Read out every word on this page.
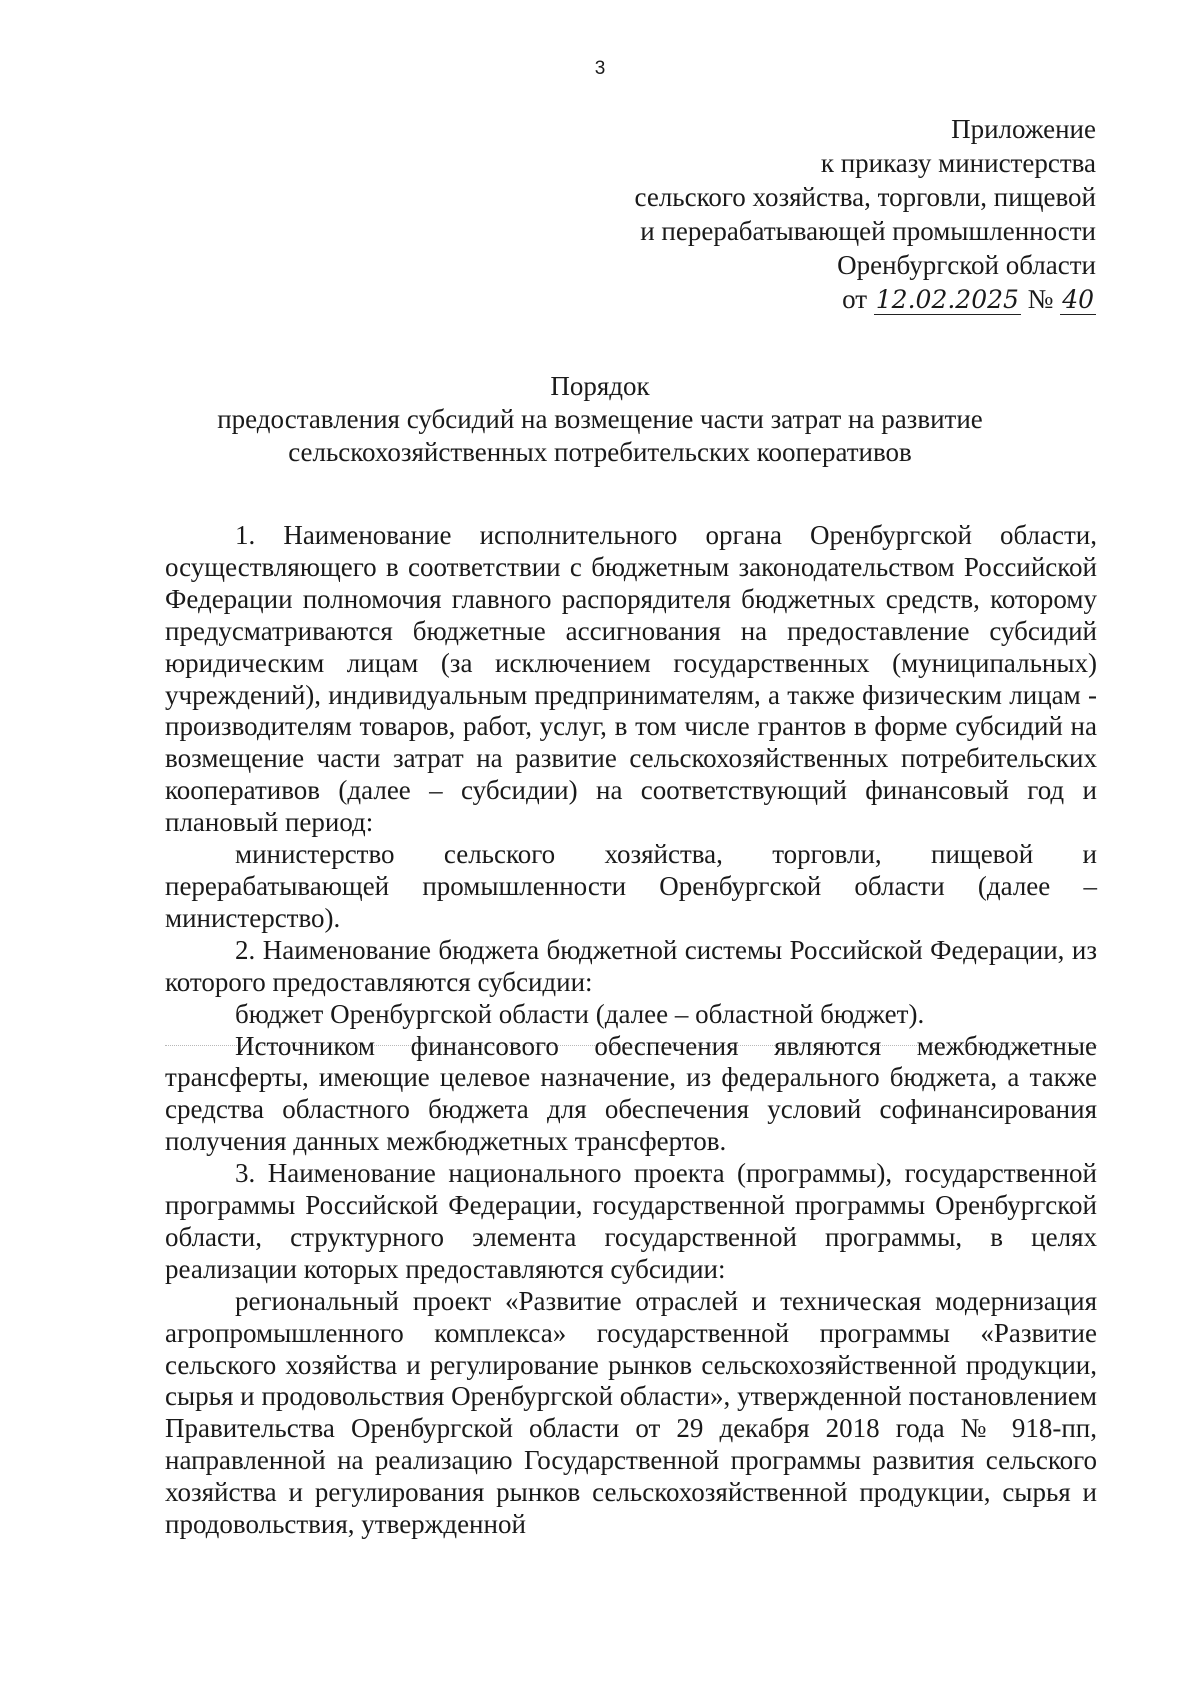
3
Приложение
к приказу министерства
сельского хозяйства, торговли, пищевой
и перерабатывающей промышленности
Оренбургской области
от 12.02.2025 № 40
Порядок
предоставления субсидий на возмещение части затрат на развитие
сельскохозяйственных потребительских кооперативов

1. Наименование исполнительного органа Оренбургской области, осуществляющего в соответствии с бюджетным законодательством Российской Федерации полномочия главного распорядителя бюджетных средств, которому предусматриваются бюджетные ассигнования на предоставление субсидий юридическим лицам (за исключением государственных (муниципальных) учреждений), индивидуальным предпринимателям, а также физическим лицам - производителям товаров, работ, услуг, в том числе грантов в форме субсидий на возмещение части затрат на развитие сельскохозяйственных потребительских кооперативов (далее – субсидии) на соответствующий финансовый год и плановый период:

министерство сельского хозяйства, торговли, пищевой и перерабатывающей промышленности Оренбургской области (далее – министерство).

2. Наименование бюджета бюджетной системы Российской Федерации, из которого предоставляются субсидии:

бюджет Оренбургской области (далее – областной бюджет).

Источником финансового обеспечения являются межбюджетные трансферты, имеющие целевое назначение, из федерального бюджета, а также средства областного бюджета для обеспечения условий софинансирования получения данных межбюджетных трансфертов.

3. Наименование национального проекта (программы), государственной программы Российской Федерации, государственной программы Оренбургской области, структурного элемента государственной программы, в целях реализации которых предоставляются субсидии:

региональный проект «Развитие отраслей и техническая модернизация агропромышленного комплекса» государственной программы «Развитие сельского хозяйства и регулирование рынков сельскохозяйственной продукции, сырья и продовольствия Оренбургской области», утвержденной постановлением Правительства Оренбургской области от 29 декабря 2018 года № 918-пп, направленной на реализацию Государственной программы развития сельского хозяйства и регулирования рынков сельскохозяйственной продукции, сырья и продовольствия, утвержденной
